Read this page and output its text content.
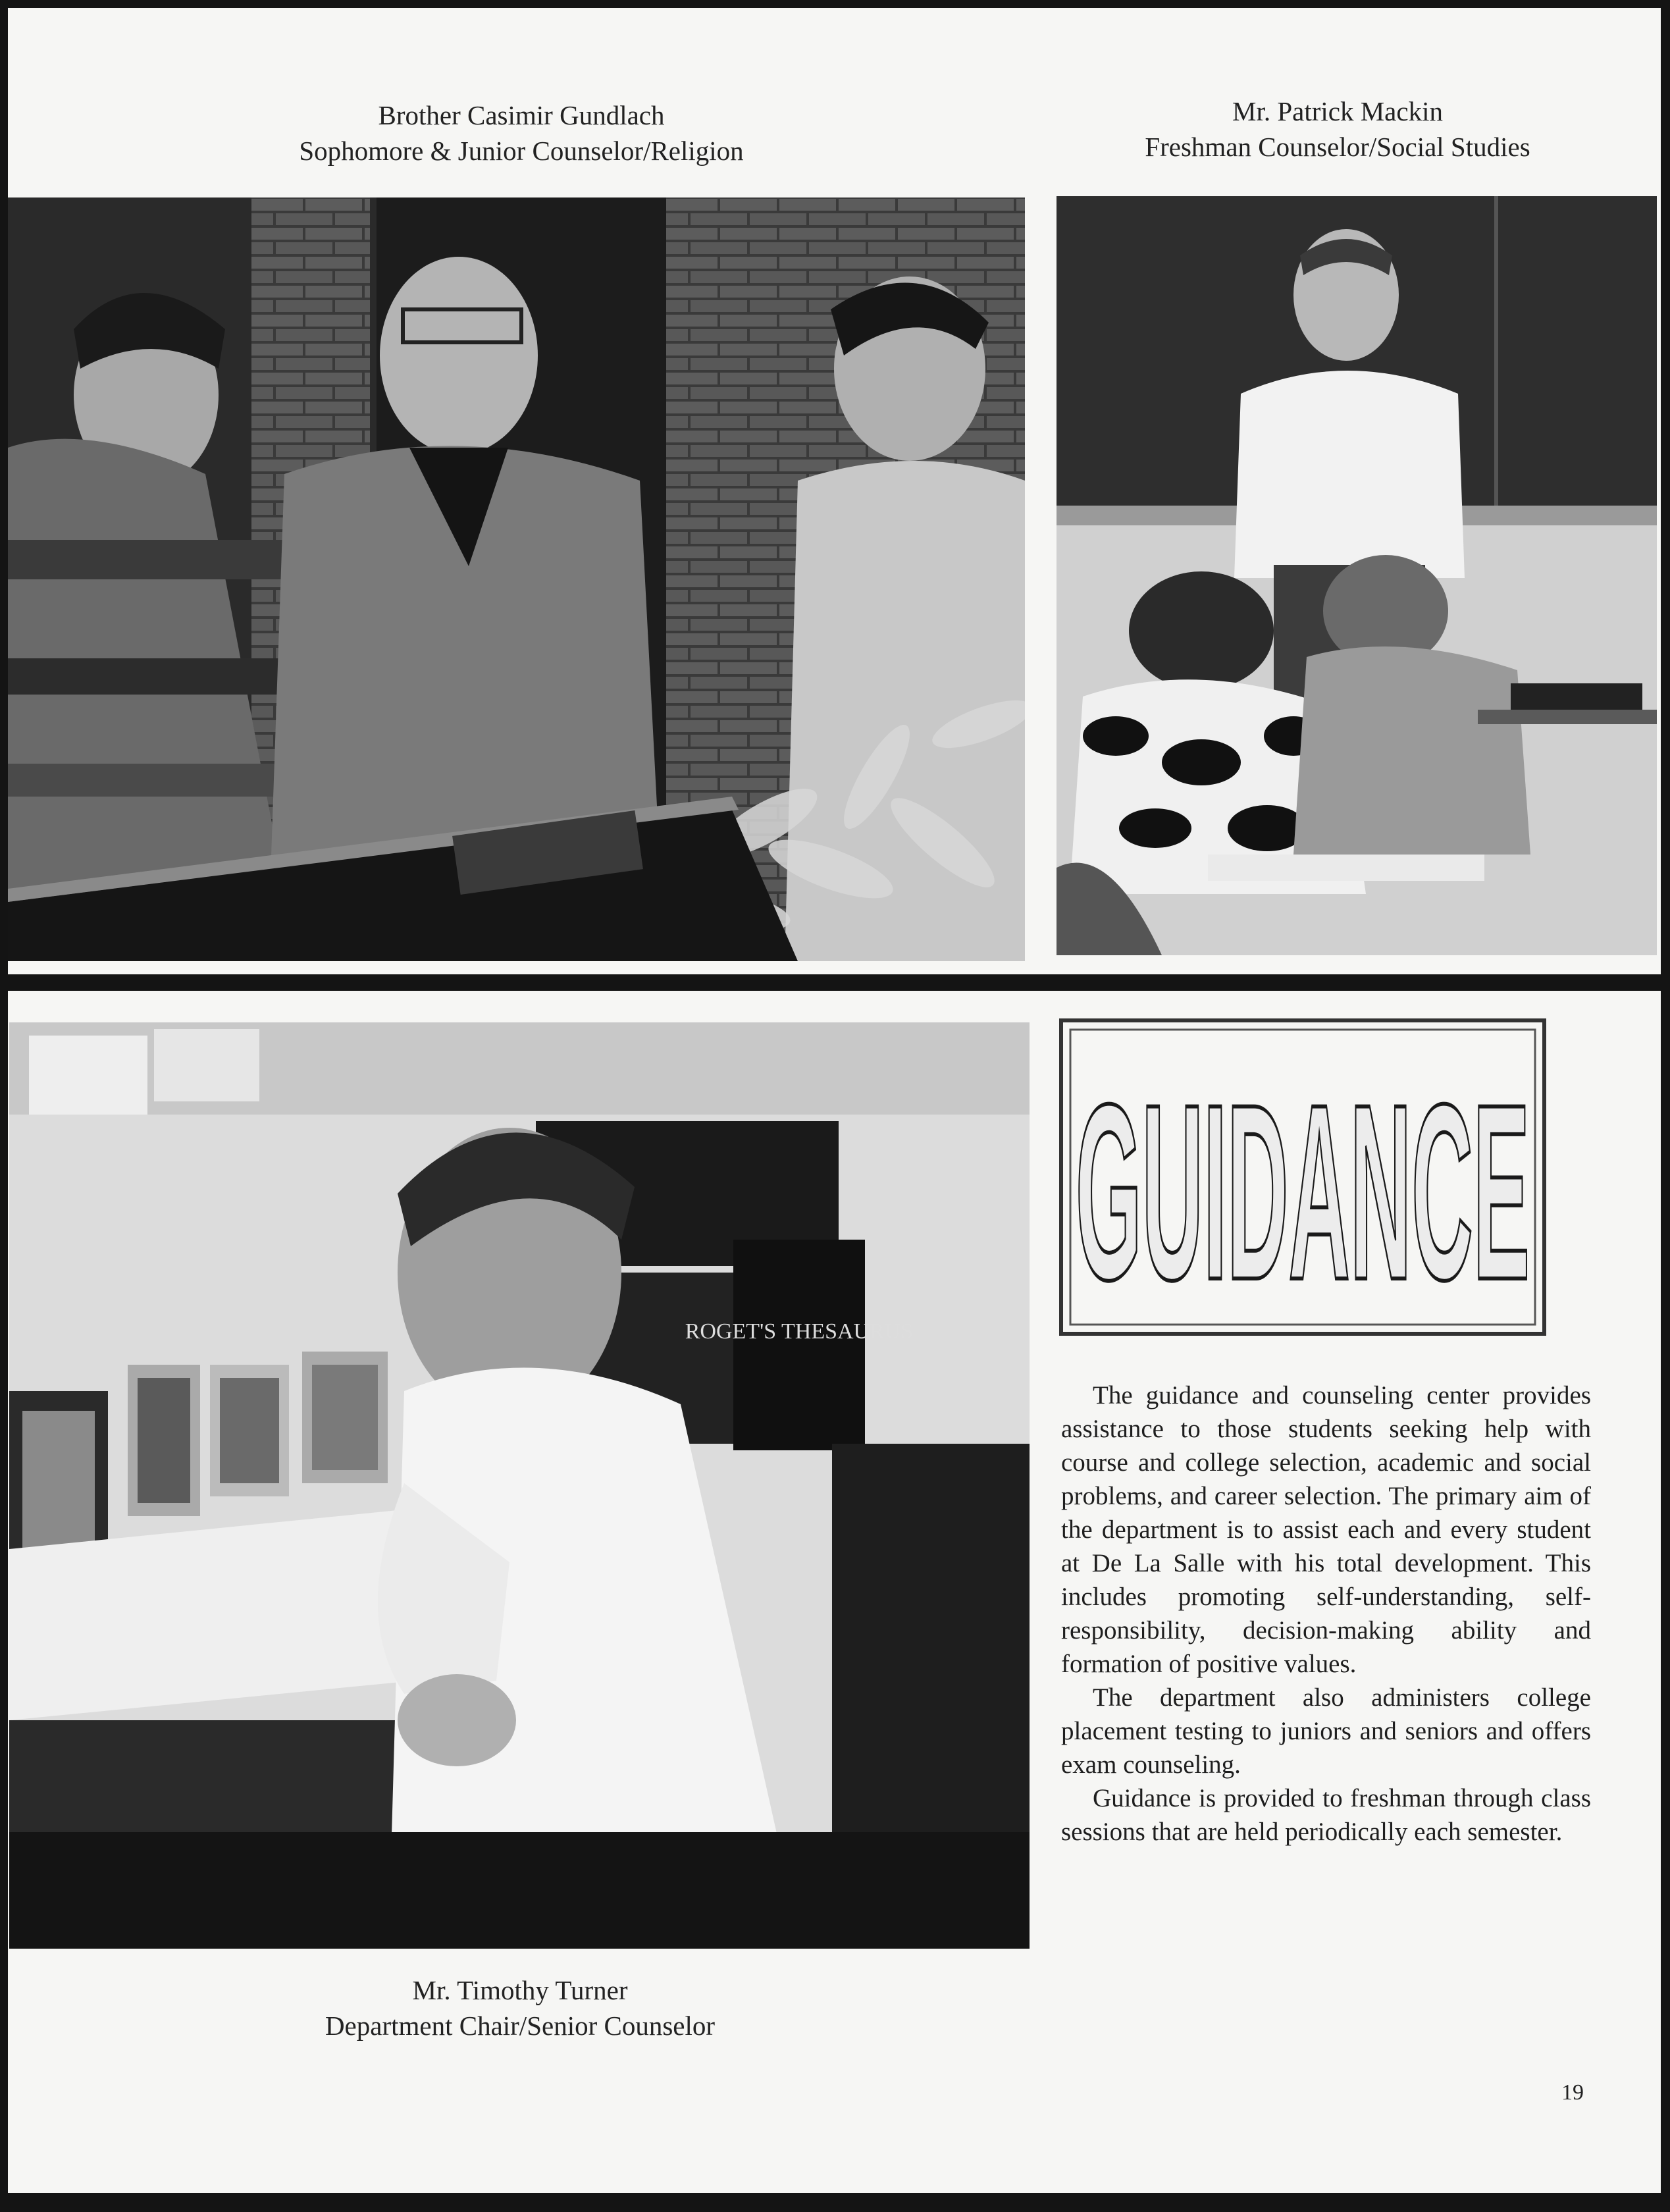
Brother Casimir Gundlach
Sophomore & Junior Counselor/Religion
Mr. Patrick Mackin
Freshman Counselor/Social Studies
ROGET'S THESAURUS
Mr. Timothy Turner
Department Chair/Senior Counselor
GUIDANCE

The guidance and counseling center provides assistance to those students seeking help with course and college selection, academic and social problems, and career selection. The primary aim of the department is to assist each and every student at De La Salle with his total development. This includes promoting self-understanding, self-responsibility, decision-making ability and formation of positive values.

The department also administers college placement testing to juniors and seniors and offers exam counseling.

Guidance is provided to freshman through class sessions that are held periodically each semester.

19
